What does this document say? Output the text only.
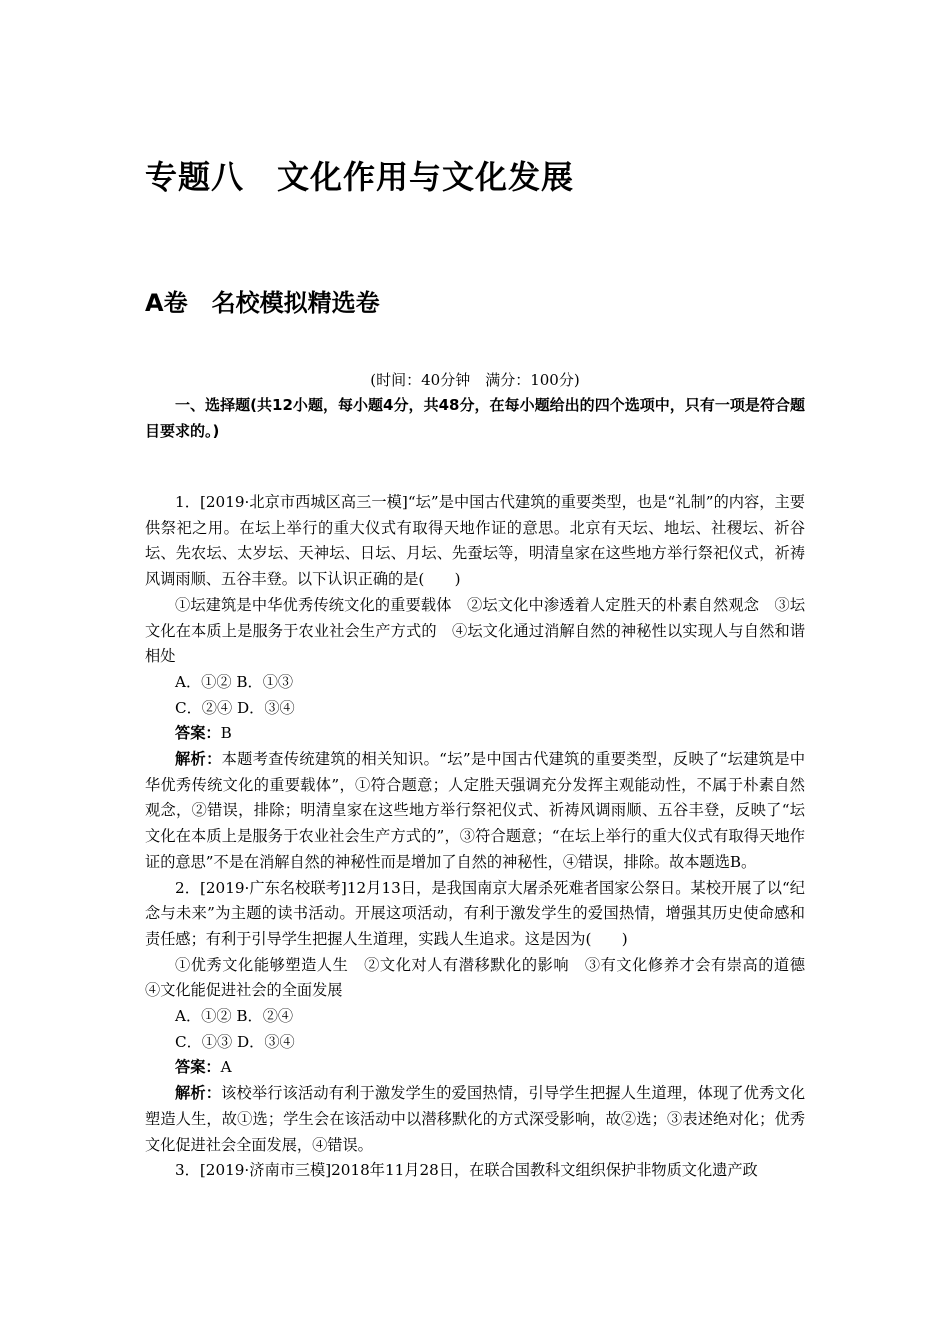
专题八　文化作用与文化发展
A卷　名校模拟精选卷
(时间：40分钟　满分：100分)
一、选择题(共12小题，每小题4分，共48分，在每小题给出的四个选项中，只有一项是符合题目要求的。)

1．[2019·北京市西城区高三一模]“坛”是中国古代建筑的重要类型，也是“礼制”的内容，主要供祭祀之用。在坛上举行的重大仪式有取得天地作证的意思。北京有天坛、地坛、社稷坛、祈谷坛、先农坛、太岁坛、天神坛、日坛、月坛、先蚕坛等，明清皇家在这些地方举行祭祀仪式，祈祷风调雨顺、五谷丰登。以下认识正确的是(　　)

①坛建筑是中华优秀传统文化的重要载体　②坛文化中渗透着人定胜天的朴素自然观念　③坛文化在本质上是服务于农业社会生产方式的　④坛文化通过消解自然的神秘性以实现人与自然和谐相处

A．①② B．①③

C．②④ D．③④

答案：B

解析：本题考查传统建筑的相关知识。“坛”是中国古代建筑的重要类型，反映了“坛建筑是中华优秀传统文化的重要载体”，①符合题意；人定胜天强调充分发挥主观能动性，不属于朴素自然观念，②错误，排除；明清皇家在这些地方举行祭祀仪式、祈祷风调雨顺、五谷丰登，反映了“坛文化在本质上是服务于农业社会生产方式的”，③符合题意；“在坛上举行的重大仪式有取得天地作证的意思”不是在消解自然的神秘性而是增加了自然的神秘性，④错误，排除。故本题选B。

2．[2019·广东名校联考]12月13日，是我国南京大屠杀死难者国家公祭日。某校开展了以“纪念与未来”为主题的读书活动。开展这项活动，有利于激发学生的爱国热情，增强其历史使命感和责任感；有利于引导学生把握人生道理，实践人生追求。这是因为(　　)

①优秀文化能够塑造人生　②文化对人有潜移默化的影响　③有文化修养才会有崇高的道德　④文化能促进社会的全面发展

A．①② B．②④

C．①③ D．③④

答案：A

解析：该校举行该活动有利于激发学生的爱国热情，引导学生把握人生道理，体现了优秀文化塑造人生，故①选；学生会在该活动中以潜移默化的方式深受影响，故②选；③表述绝对化；优秀文化促进社会全面发展，④错误。

3．[2019·济南市三模]2018年11月28日，在联合国教科文组织保护非物质文化遗产政
